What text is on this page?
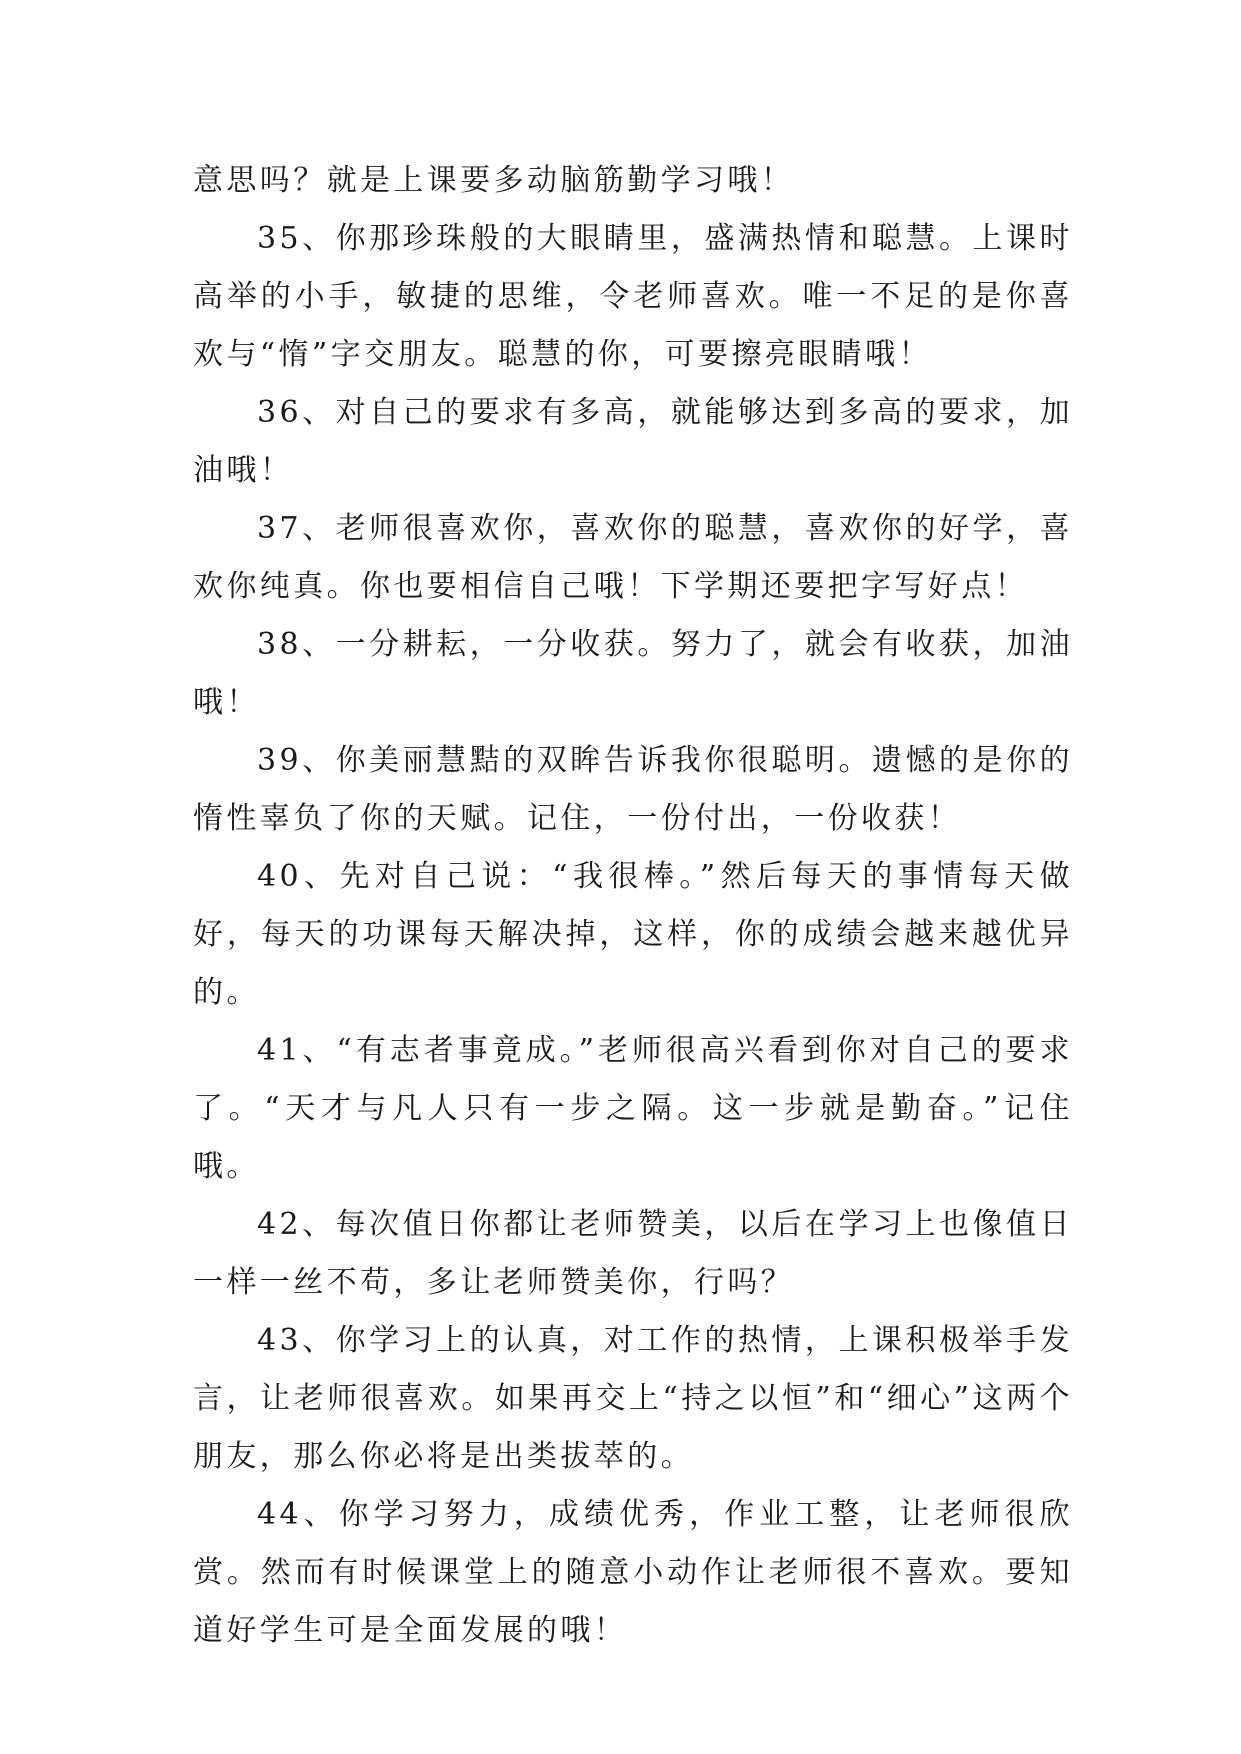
意思吗？就是上课要多动脑筋勤学习哦！

35、你那珍珠般的大眼睛里，盛满热情和聪慧。上课时高举的小手，敏捷的思维，令老师喜欢。唯一不足的是你喜欢与“惰”字交朋友。聪慧的你，可要擦亮眼睛哦！

36、对自己的要求有多高，就能够达到多高的要求，加油哦！

37、老师很喜欢你，喜欢你的聪慧，喜欢你的好学，喜欢你纯真。你也要相信自己哦！下学期还要把字写好点！

38、一分耕耘，一分收获。努力了，就会有收获，加油哦！

39、你美丽慧黠的双眸告诉我你很聪明。遗憾的是你的惰性辜负了你的天赋。记住，一份付出，一份收获！

40、先对自己说：“我很棒。”然后每天的事情每天做好，每天的功课每天解决掉，这样，你的成绩会越来越优异的。

41、“有志者事竟成。”老师很高兴看到你对自己的要求了。“天才与凡人只有一步之隔。这一步就是勤奋。”记住哦。

42、每次值日你都让老师赞美，以后在学习上也像值日一样一丝不苟，多让老师赞美你，行吗？

43、你学习上的认真，对工作的热情，上课积极举手发言，让老师很喜欢。如果再交上“持之以恒”和“细心”这两个朋友，那么你必将是出类拔萃的。

44、你学习努力，成绩优秀，作业工整，让老师很欣赏。然而有时候课堂上的随意小动作让老师很不喜欢。要知道好学生可是全面发展的哦！
